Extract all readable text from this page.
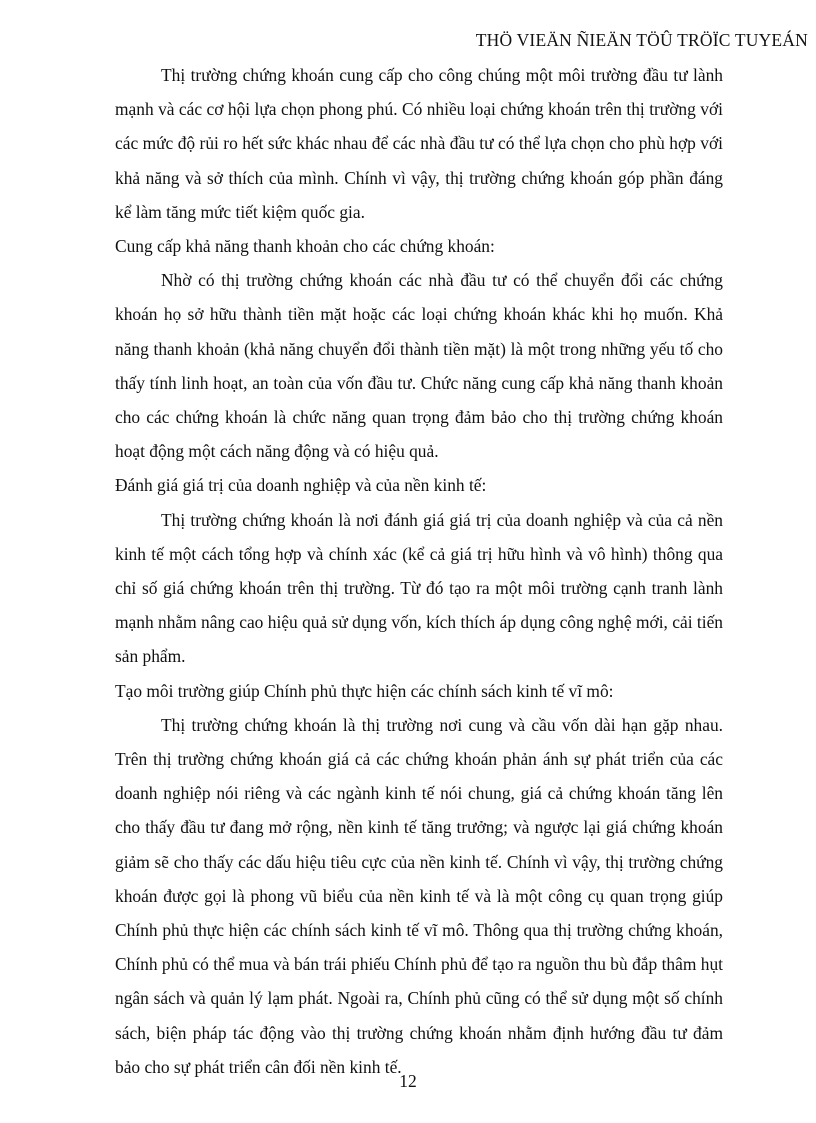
THÖ VIEÄN ÑIEÄN TÖÛ TRÖÏC TUYEÁN

Thị trường chứng khoán cung cấp cho công chúng một môi trường đầu tư lành mạnh và các cơ hội lựa chọn phong phú. Có nhiều loại chứng khoán trên thị trường với các mức độ rủi ro hết sức khác nhau để các nhà đầu tư có thể lựa chọn cho phù hợp với khả năng và sở thích của mình. Chính vì vậy, thị trường chứng khoán góp phần đáng kể làm tăng mức tiết kiệm quốc gia.

Cung cấp khả năng thanh khoản cho các chứng khoán:

Nhờ có thị trường chứng khoán các nhà đầu tư có thể chuyển đổi các chứng khoán họ sở hữu thành tiền mặt hoặc các loại chứng khoán khác khi họ muốn. Khả năng thanh khoản (khả năng chuyển đổi thành tiền mặt) là một trong những yếu tố cho thấy tính linh hoạt, an toàn của vốn đầu tư. Chức năng cung cấp khả năng thanh khoản cho các chứng khoán là chức năng quan trọng đảm bảo cho thị trường chứng khoán hoạt động một cách năng động và có hiệu quả.

Đánh giá giá trị của doanh nghiệp và của nền kinh tế:

Thị trường chứng khoán là nơi đánh giá giá trị của doanh nghiệp và của cả nền kinh tế một cách tổng hợp và chính xác (kể cả giá trị hữu hình và vô hình) thông qua chỉ số giá chứng khoán trên thị trường. Từ đó tạo ra một môi trường cạnh tranh lành mạnh nhằm nâng cao hiệu quả sử dụng vốn, kích thích áp dụng công nghệ mới, cải tiến sản phẩm.

Tạo môi trường giúp Chính phủ thực hiện các chính sách kinh tế vĩ mô:

Thị trường chứng khoán là thị trường nơi cung và cầu vốn dài hạn gặp nhau. Trên thị trường chứng khoán giá cả các chứng khoán phản ánh sự phát triển của các doanh nghiệp nói riêng và các ngành kinh tế nói chung, giá cả chứng khoán tăng lên cho thấy đầu tư đang mở rộng, nền kinh tế tăng trưởng; và ngược lại giá chứng khoán giảm sẽ cho thấy các dấu hiệu tiêu cực của nền kinh tế. Chính vì vậy, thị trường chứng khoán được gọi là phong vũ biểu của nền kinh tế và là một công cụ quan trọng giúp Chính phủ thực hiện các chính sách kinh tế vĩ mô. Thông qua thị trường chứng khoán, Chính phủ có thể mua và bán trái phiếu Chính phủ để tạo ra nguồn thu bù đắp thâm hụt ngân sách và quản lý lạm phát. Ngoài ra, Chính phủ cũng có thể sử dụng một số chính sách, biện pháp tác động vào thị trường chứng khoán nhằm định hướng đầu tư đảm bảo cho sự phát triển cân đối nền kinh tế.

12
